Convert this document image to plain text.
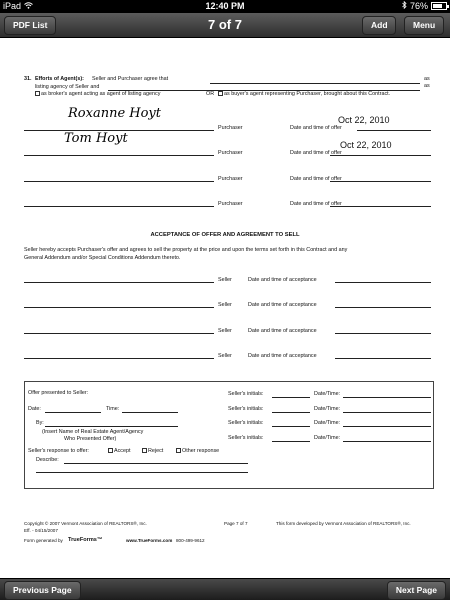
iPad	12:40 PM	76%
PDF List	7 of 7	Add	Menu
31. Efforts of Agent(s): Seller and Purchaser agree that	as
listing agency of Seller and	as
as broker's agent acting as agent of listing agency	OR	as buyer's agent representing Purchaser, brought about this Contract.
Roxanne Hoyt
Tom Hoyt
Purchaser	Date and time of offer
Oct 22, 2010
Purchaser	Date and time of offer
Oct 22, 2010
Purchaser	Date and time of offer
Purchaser	Date and time of offer
ACCEPTANCE OF OFFER AND AGREEMENT TO SELL
Seller hereby accepts Purchaser's offer and agrees to sell the property at the price and upon the terms set forth in this Contract and any
General Addendum and/or Special Conditions Addendum thereto.
Seller	Date and time of acceptance
Seller	Date and time of acceptance
Seller	Date and time of acceptance
Seller	Date and time of acceptance
Offer presented to Seller:
Date:	Time:
By:
(Insert Name of Real Estate Agent/Agency
Who Presented Offer)
Seller's initials:	Date/Time:
Seller's initials:	Date/Time:
Seller's initials:	Date/Time:
Seller's initials:	Date/Time:
Seller's response to offer:	Accept	Reject	Other response
Describe:
Copyright © 2007 Vermont Association of REALTORS®, Inc.
Eff. - 04/15/2007
Page 7 of 7	This form developed by Vermont Association of REALTORS®, Inc.
Form generated by TrueForms™	www.TrueForms.com 800-499-9612
Previous Page	Next Page
